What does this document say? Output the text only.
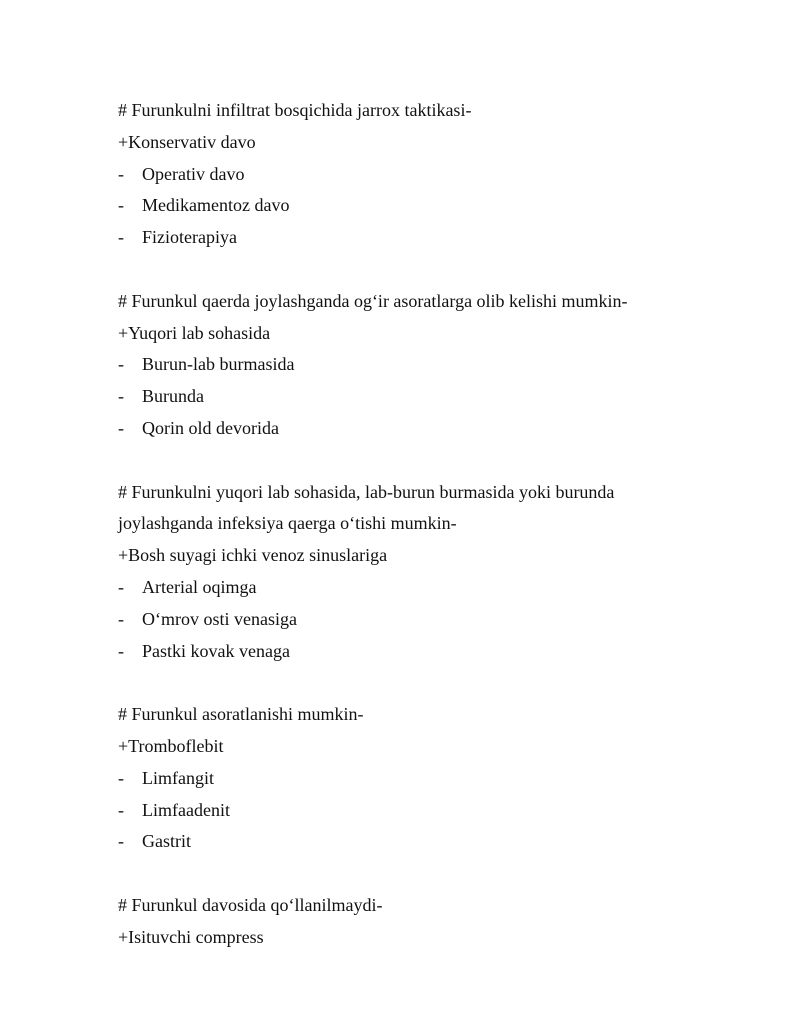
# Furunkulni infiltrat bosqichida jarrox taktikasi-
+Konservativ davo
-	Operativ davo
-	Medikamentoz davo
-	Fizioterapiya
# Furunkul qaerda joylashganda og‘ir asoratlarga olib kelishi mumkin-
+Yuqori lab sohasida
-	Burun-lab burmasida
-	Burunda
-	Qorin old devorida
# Furunkulni yuqori lab sohasida, lab-burun burmasida yoki burunda
joylashganda infeksiya qaerga o‘tishi mumkin-
+Bosh suyagi ichki venoz sinuslariga
-	Arterial oqimga
-	O‘mrov osti venasiga
-	Pastki kovak venaga
# Furunkul asoratlanishi mumkin-
+Tromboflebit
-	Limfangit
-	Limfaadenit
-	Gastrit
# Furunkul davosida qo‘llanilmaydi-
+Isituvchi compress
